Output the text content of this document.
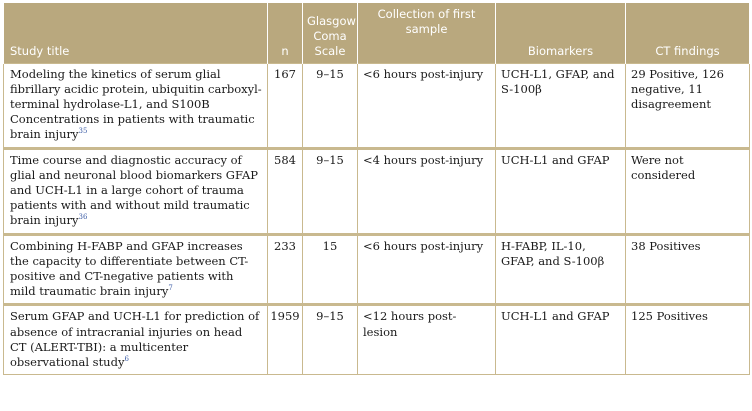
Study title	n	Glasgow Coma Scale	Collection of first sample	Biomarkers	CT findings
Modeling the kinetics of serum glial fibrillary acidic protein, ubiquitin carboxyl-terminal hydrolase-L1, and S100B Concentrations in patients with traumatic brain injury$^{35}$	167	9–15	<6 hours post-injury	UCH-L1, GFAP, and S-100β	29 Positive, 126 negative, 11 disagreement
Time course and diagnostic accuracy of glial and neuronal blood biomarkers GFAP and UCH-L1 in a large cohort of trauma patients with and without mild traumatic brain injury$^{36}$	584	9–15	<4 hours post-injury	UCH-L1 and GFAP	Were not considered
Combining H-FABP and GFAP increases the capacity to differentiate between CT-positive and CT-negative patients with mild traumatic brain injury$^7$	233	15	<6 hours post-injury	H-FABP, IL-10, GFAP, and S-100β	38 Positives
Serum GFAP and UCH-L1 for prediction of absence of intracranial injuries on head CT (ALERT-TBI): a multicenter observational study$^6$	1959	9–15	<12 hours post-lesion	UCH-L1 and GFAP	125 Positives
